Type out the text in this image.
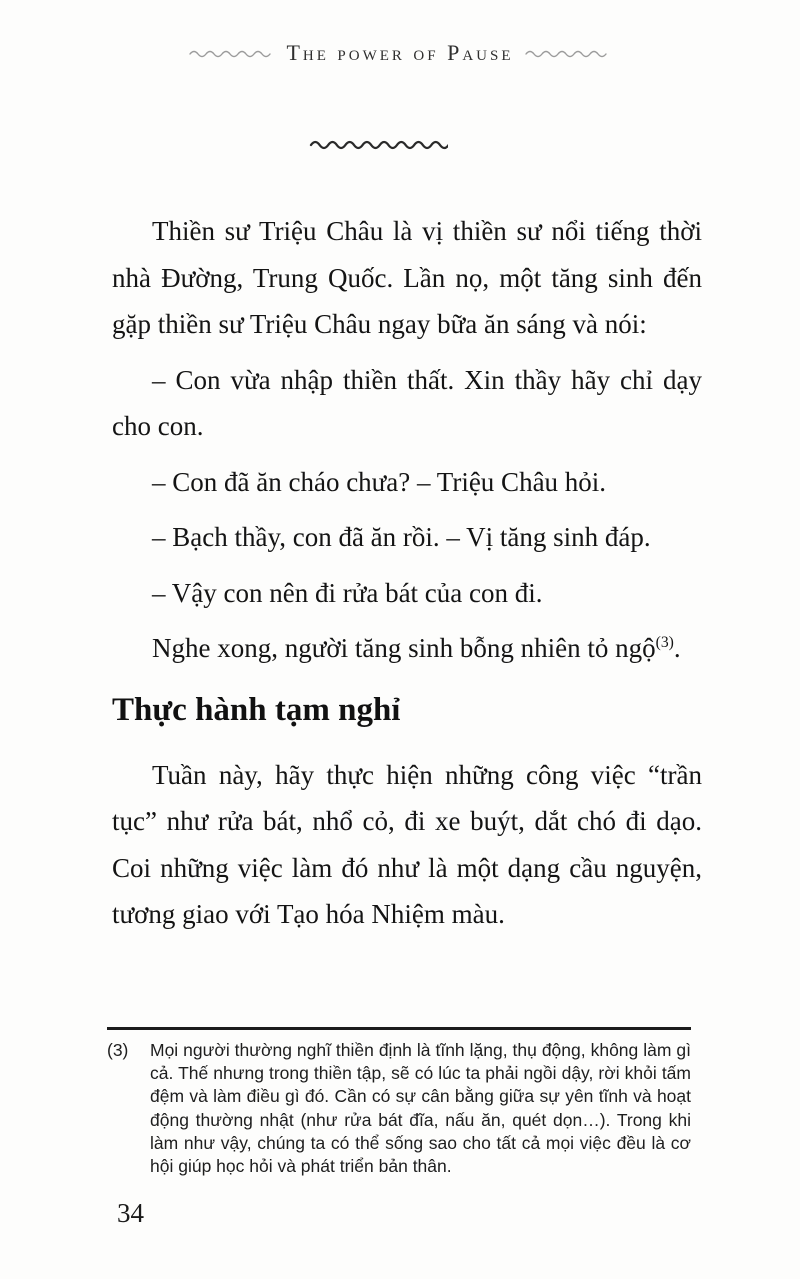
The power of Pause

Thiền sư Triệu Châu là vị thiền sư nổi tiếng thời nhà Đường, Trung Quốc. Lần nọ, một tăng sinh đến gặp thiền sư Triệu Châu ngay bữa ăn sáng và nói:

– Con vừa nhập thiền thất. Xin thầy hãy chỉ dạy cho con.

– Con đã ăn cháo chưa? – Triệu Châu hỏi.

– Bạch thầy, con đã ăn rồi. – Vị tăng sinh đáp.

– Vậy con nên đi rửa bát của con đi.

Nghe xong, người tăng sinh bỗng nhiên tỏ ngộ$^{(3)}$.

Thực hành tạm nghỉ

Tuần này, hãy thực hiện những công việc “trần tục” như rửa bát, nhổ cỏ, đi xe buýt, dắt chó đi dạo. Coi những việc làm đó như là một dạng cầu nguyện, tương giao với Tạo hóa Nhiệm màu.

(3)	Mọi người thường nghĩ thiền định là tĩnh lặng, thụ động, không làm gì cả. Thế nhưng trong thiền tập, sẽ có lúc ta phải ngồi dậy, rời khỏi tấm đệm và làm điều gì đó. Cần có sự cân bằng giữa sự yên tĩnh và hoạt động thường nhật (như rửa bát đĩa, nấu ăn, quét dọn…). Trong khi làm như vậy, chúng ta có thể sống sao cho tất cả mọi việc đều là cơ hội giúp học hỏi và phát triển bản thân.
34
